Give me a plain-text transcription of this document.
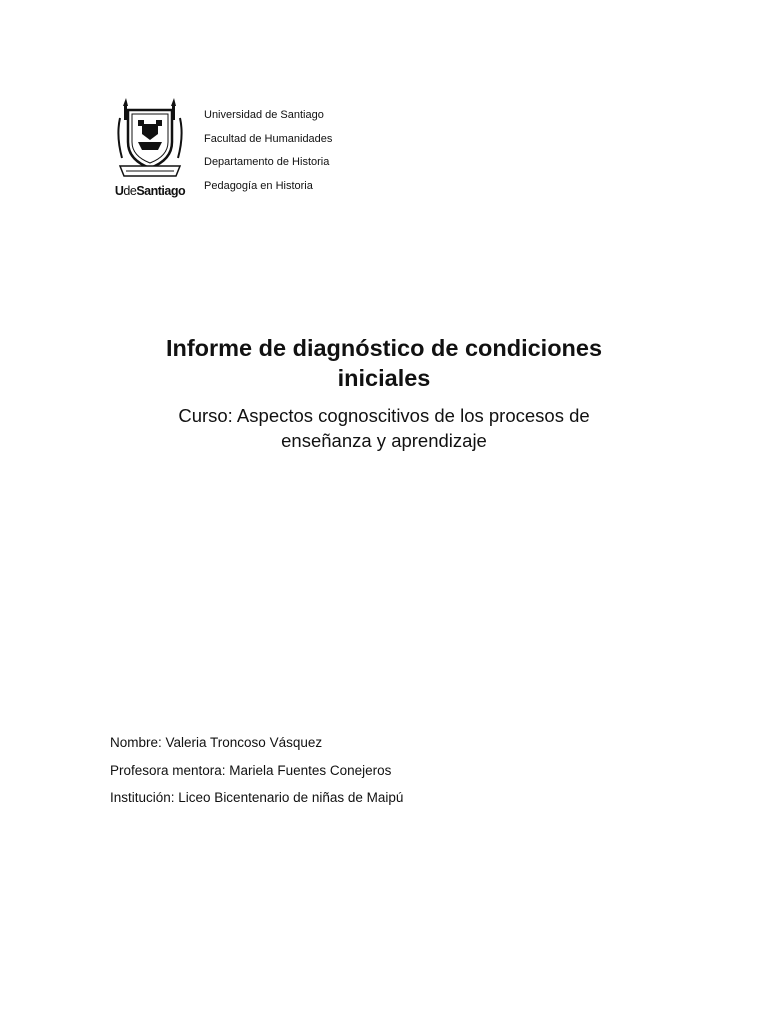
UdeSantiago
Universidad de Santiago
Facultad de Humanidades
Departamento de Historia
Pedagogía en Historia
Informe de diagnóstico de condiciones
iniciales
Curso: Aspectos cognoscitivos de los procesos de
enseñanza y aprendizaje
Nombre: Valeria Troncoso Vásquez
Profesora mentora: Mariela Fuentes Conejeros
Institución: Liceo Bicentenario de niñas de Maipú
